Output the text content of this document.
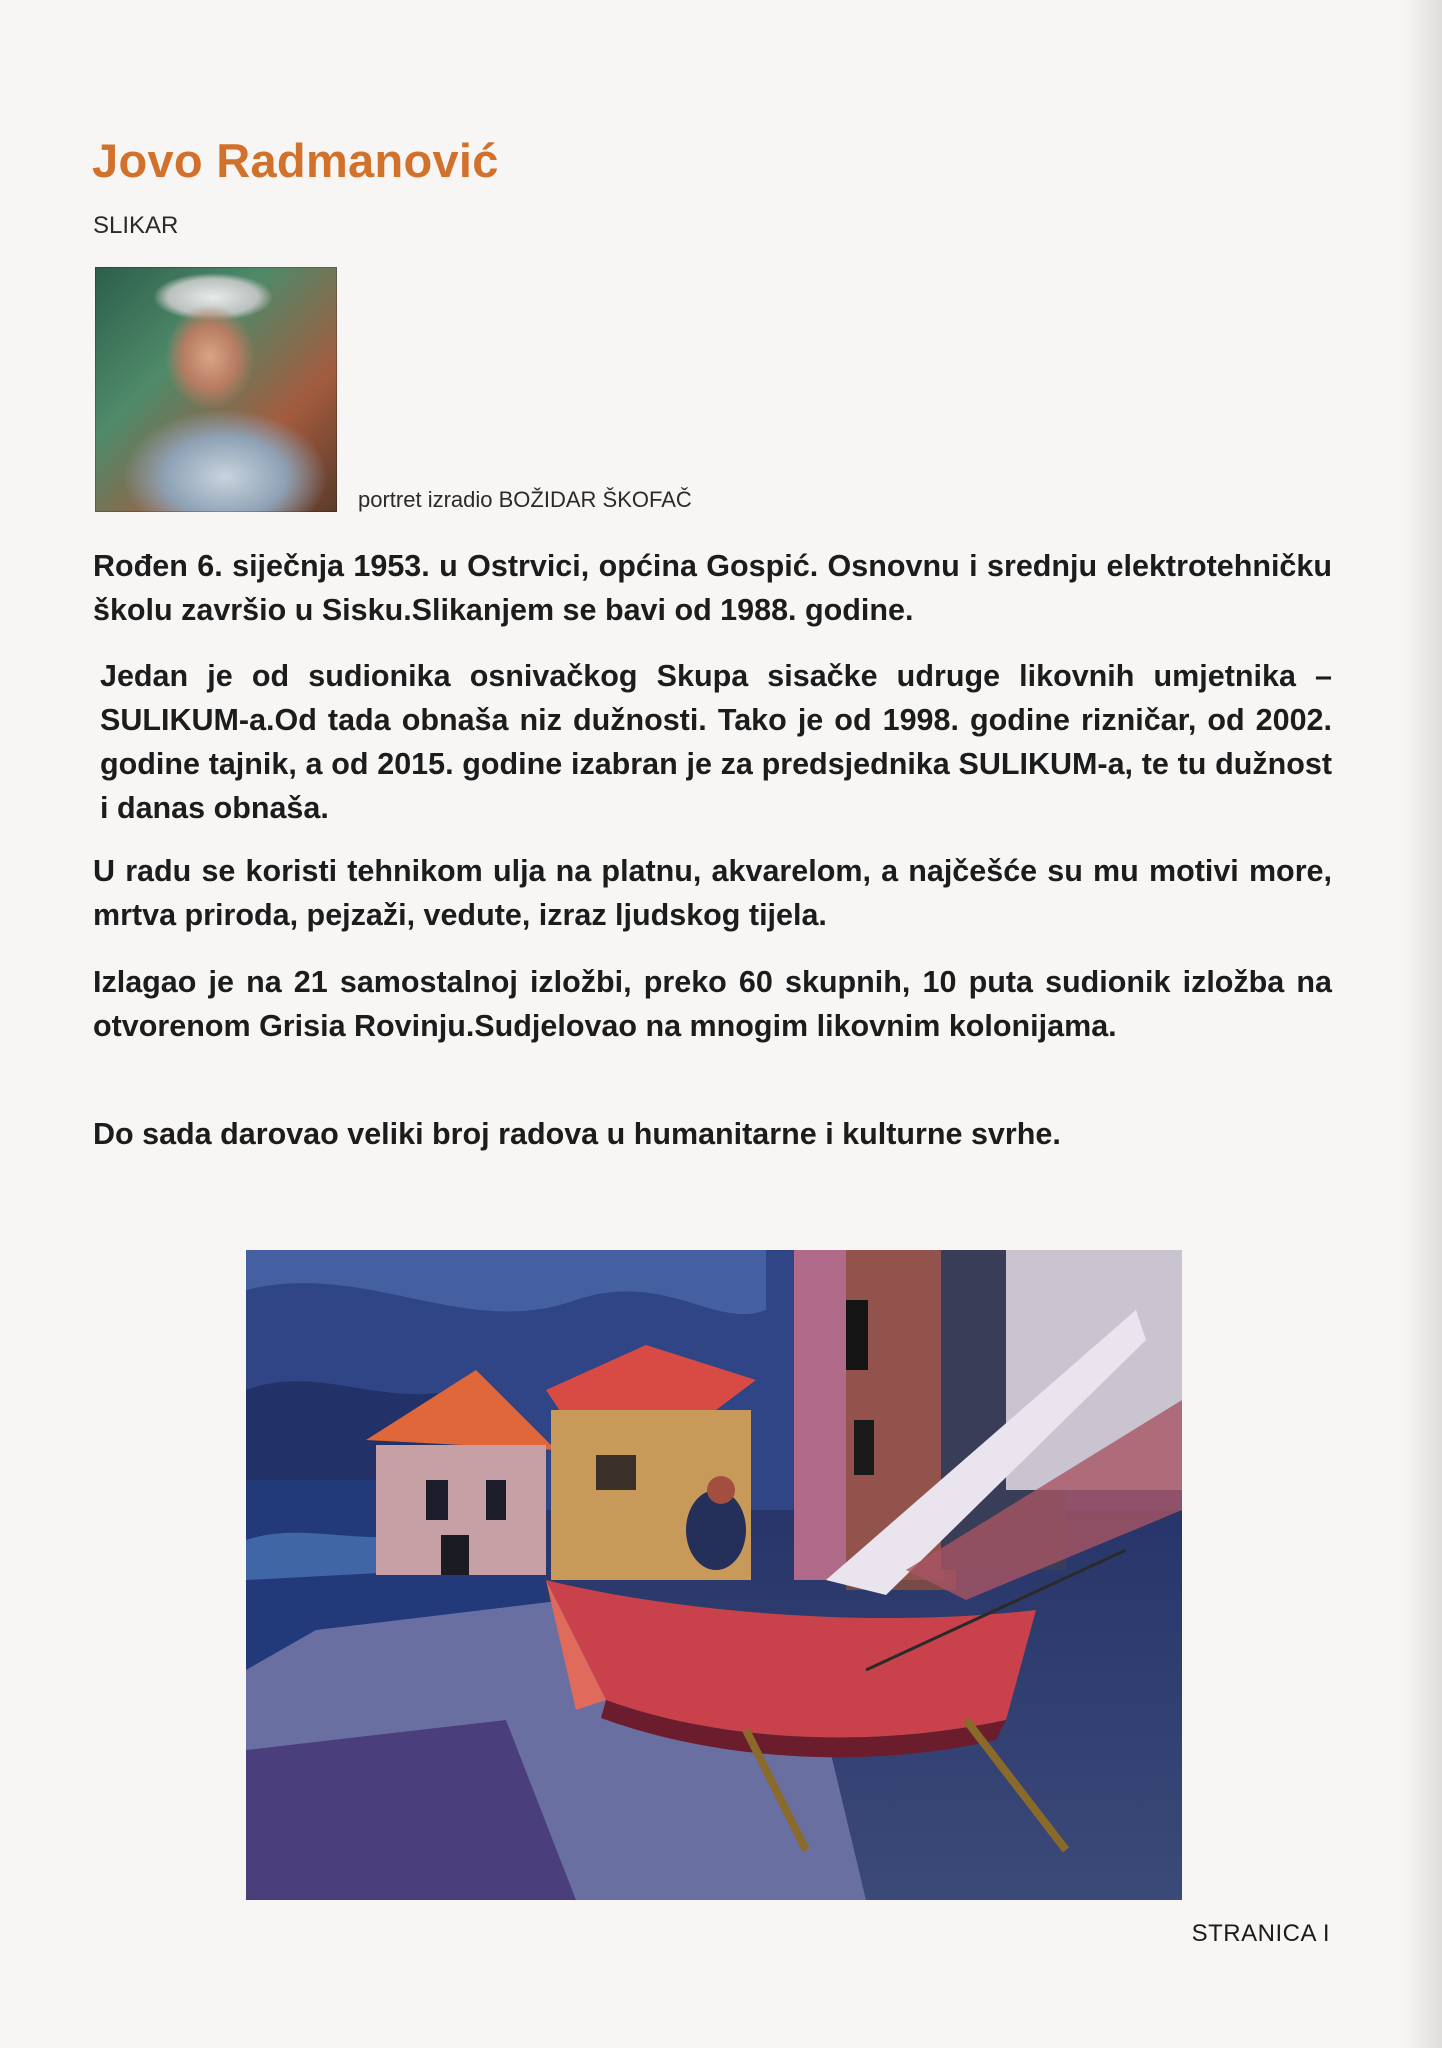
Jovo Radmanović
SLIKAR
portret izradio BOŽIDAR ŠKOFAČ

Rođen 6. siječnja 1953. u Ostrvici, općina Gospić. Osnovnu i srednju elektrotehničku školu završio u Sisku.Slikanjem se bavi od 1988. godine.

Jedan je od sudionika osnivačkog Skupa sisačke udruge likovnih umjetnika – SULIKUM-a.Od tada obnaša niz dužnosti. Tako je od 1998. godine rizničar, od 2002. godine tajnik, a od 2015. godine izabran je za predsjednika SULIKUM-a, te tu dužnost i danas obnaša.

U radu se koristi tehnikom ulja na platnu, akvarelom, a najčešće su mu motivi more, mrtva priroda, pejzaži, vedute, izraz ljudskog tijela.

Izlagao je na 21 samostalnoj izložbi, preko 60 skupnih, 10 puta sudionik izložba na otvorenom Grisia Rovinju.Sudjelovao na mnogim likovnim kolonijama.

Do sada darovao veliki broj radova u humanitarne i kulturne svrhe.

STRANICA I
